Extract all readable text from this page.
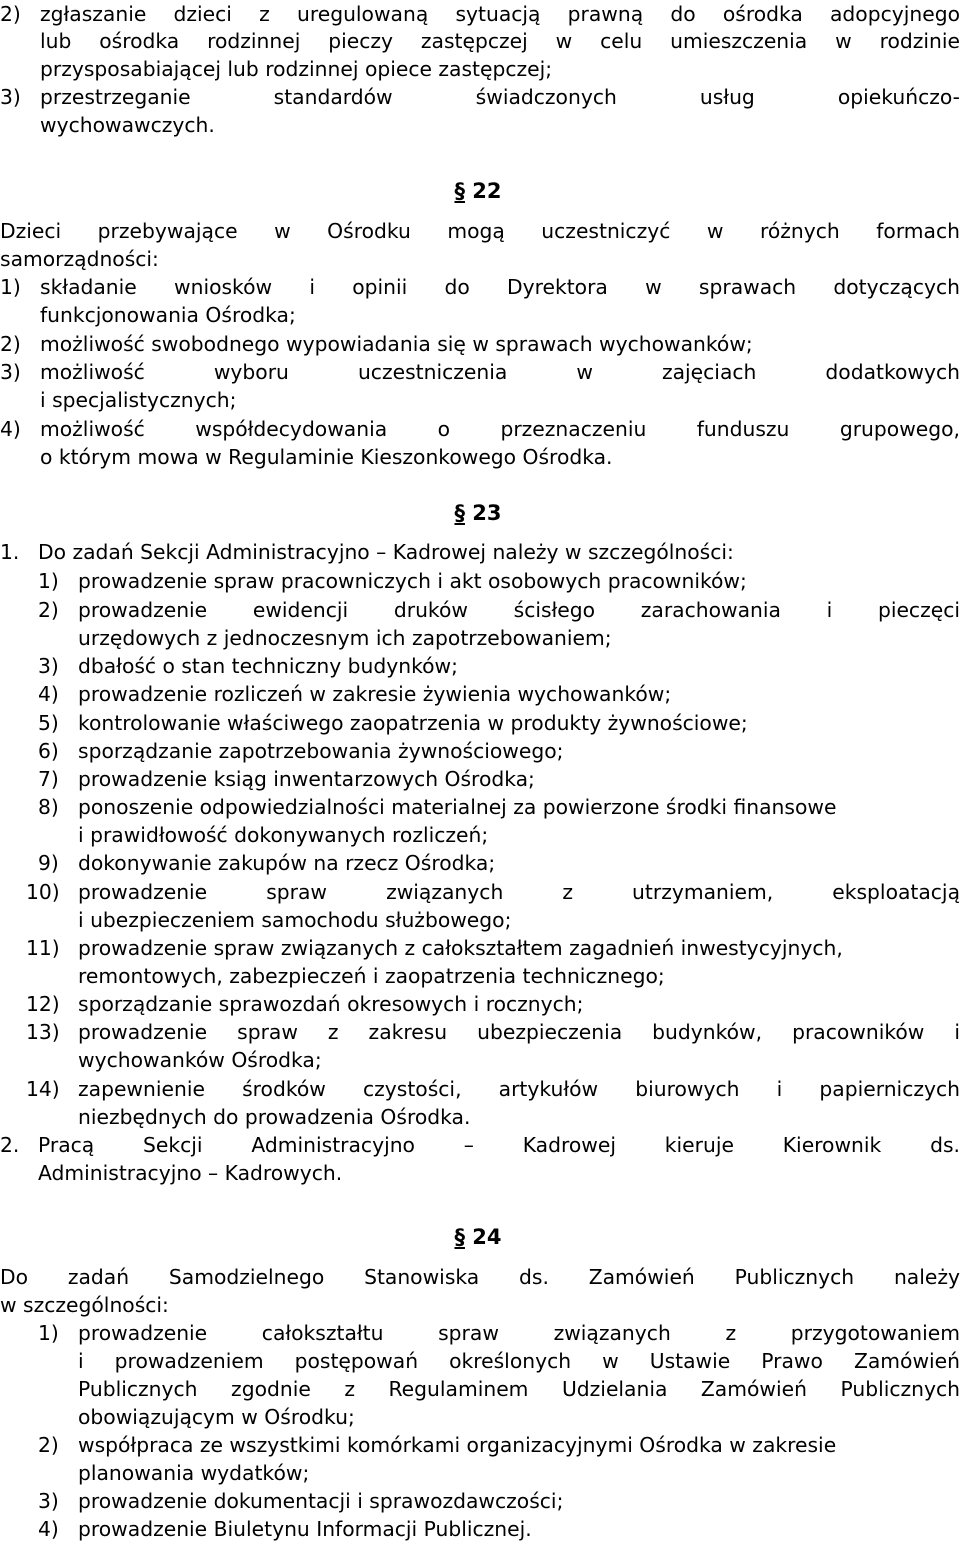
2) zgłaszanie dzieci z uregulowaną sytuacją prawną do ośrodka adopcyjnego

lub ośrodka rodzinnej pieczy zastępczej w celu umieszczenia w rodzinie

przysposabiającej lub rodzinnej opiece zastępczej;

3) przestrzeganie standardów świadczonych usług opiekuńczo-

wychowawczych.

§ 22

Dzieci przebywające w Ośrodku mogą uczestniczyć w różnych formach

samorządności:

1) składanie wniosków i opinii do Dyrektora w sprawach dotyczących

funkcjonowania Ośrodka;

2) możliwość swobodnego wypowiadania się w sprawach wychowanków;

3) możliwość wyboru uczestniczenia w zajęciach dodatkowych

i specjalistycznych;

4) możliwość współdecydowania o przeznaczeniu funduszu grupowego,

o którym mowa w Regulaminie Kieszonkowego Ośrodka.

§ 23
1. Do zadań Sekcji Administracyjno – Kadrowej należy w szczególności:

1) prowadzenie spraw pracowniczych i akt osobowych pracowników;

2) prowadzenie ewidencji druków ścisłego zarachowania i pieczęci

urzędowych z jednoczesnym ich zapotrzebowaniem;

3) dbałość o stan techniczny budynków;

4) prowadzenie rozliczeń w zakresie żywienia wychowanków;

5) kontrolowanie właściwego zaopatrzenia w produkty żywnościowe;

6) sporządzanie zapotrzebowania żywnościowego;

7) prowadzenie ksiąg inwentarzowych Ośrodka;

8) ponoszenie odpowiedzialności materialnej za powierzone środki finansowe

i prawidłowość dokonywanych rozliczeń;

9) dokonywanie zakupów na rzecz Ośrodka;

10) prowadzenie spraw związanych z utrzymaniem, eksploatacją

i ubezpieczeniem samochodu służbowego;

11) prowadzenie spraw związanych z całokształtem zagadnień inwestycyjnych,

remontowych, zabezpieczeń i zaopatrzenia technicznego;

12) sporządzanie sprawozdań okresowych i rocznych;

13) prowadzenie spraw z zakresu ubezpieczenia budynków, pracowników i

wychowanków Ośrodka;

14) zapewnienie środków czystości, artykułów biurowych i papierniczych

niezbędnych do prowadzenia Ośrodka.

2. Pracą Sekcji Administracyjno – Kadrowej kieruje Kierownik ds.

Administracyjno – Kadrowych.

§ 24

Do zadań Samodzielnego Stanowiska ds. Zamówień Publicznych należy

w szczególności:

1) prowadzenie całokształtu spraw związanych z przygotowaniem

i prowadzeniem postępowań określonych w Ustawie Prawo Zamówień

Publicznych zgodnie z Regulaminem Udzielania Zamówień Publicznych

obowiązującym w Ośrodku;

2) współpraca ze wszystkimi komórkami organizacyjnymi Ośrodka w zakresie

planowania wydatków;

3) prowadzenie dokumentacji i sprawozdawczości;

4) prowadzenie Biuletynu Informacji Publicznej.
